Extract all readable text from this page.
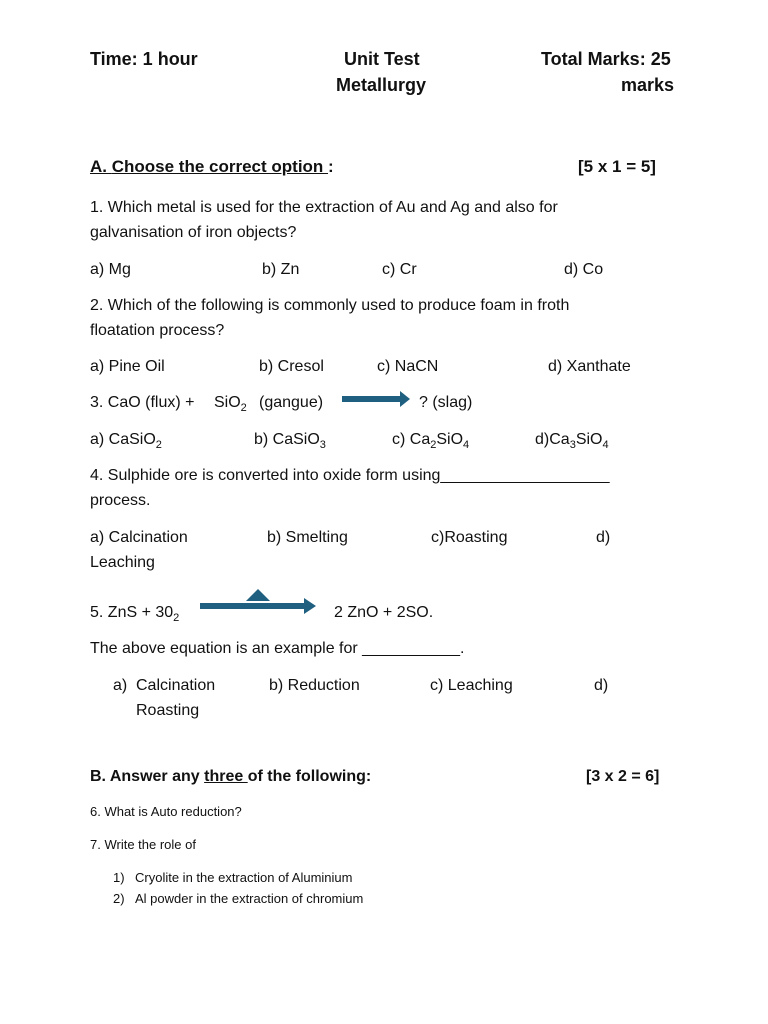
Time: 1 hour	Unit Test
Metallurgy
Total Marks: 25
marks
A. Choose the correct option :	[5 x 1 = 5]
1. Which metal is used for the extraction of Au and Ag and also for
galvanisation of iron objects?
a) Mg	b) Zn	c) Cr	d) Co
2. Which of the following is commonly used to produce foam in froth
floatation process?
a) Pine Oil	b) Cresol	c) NaCN	d) Xanthate
3. CaO (flux) + SiO$_2$ (gangue)	? (slag)
a) CaSiO$_2$	b) CaSiO$_3$	c) $Ca_2SiO_4$	$d)Ca_3SiO_4$
4. Sulphide ore is converted into oxide form using___________________
process.
a) Calcination	b) Smelting	c)Roasting	d)
Leaching
5. ZnS + $30_2$	2 ZnO + 2SO.
The above equation is an example for ___________.
a) Calcination	b) Reduction	c) Leaching	d)
Roasting
B. Answer any three of the following:	[3 x 2 = 6]
6. What is Auto reduction?
7. Write the role of
1) Cryolite in the extraction of Aluminium
2) Al powder in the extraction of chromium
